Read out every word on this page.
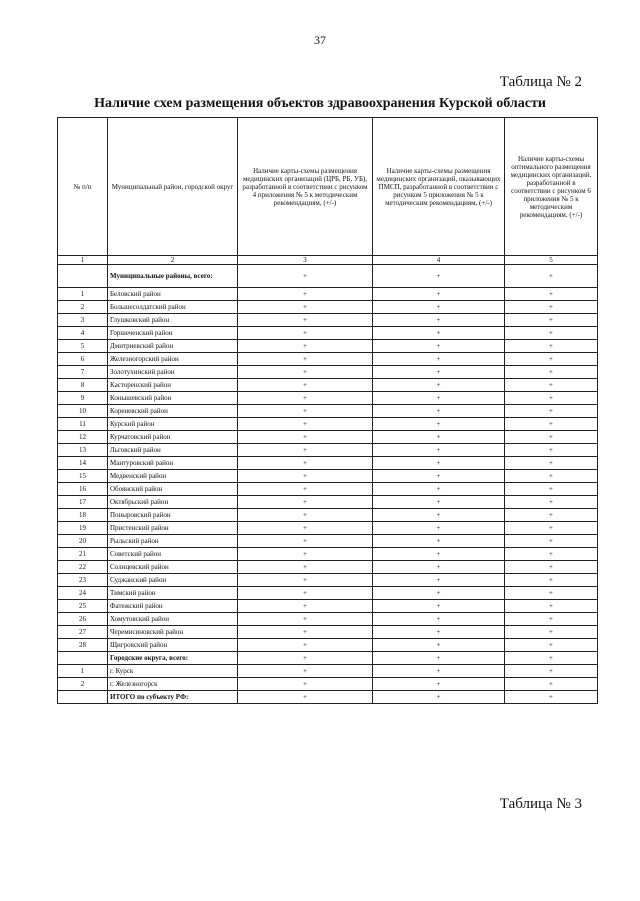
37
Таблица № 2
Наличие схем размещения объектов здравоохранения Курской области
№ п/п	Муниципальный район, городской округ	Наличие карты-схемы размещения медицинских организаций (ЦРБ, РБ, УБ), разработанной в соответствии с рисунком 4 приложения № 5 к методическим рекомендациям, (+/-)	Наличие карты-схемы размещения медицинских организаций, оказывающих ПМСП, разработанной в соответствии с рисунком 5 приложения № 5 к методическим рекомендациям, (+/-)	Наличие карты-схемы оптимального размещения медицинских организаций, разработанной в соответствии с рисунком 6 приложения № 5 к методическим рекомендациям, (+/-)
1	2	3	4	5
	Муниципальные районы, всего:	+	+	+
1	Беловский район	+	+	+
2	Большесолдатский район	+	+	+
3	Глушковский район	+	+	+
4	Горшеченский район	+	+	+
5	Дмитриевский район	+	+	+
6	Железногорский район	+	+	+
7	Золотухинский район	+	+	+
8	Касторенский район	+	+	+
9	Конышевский район	+	+	+
10	Кореневский район	+	+	+
11	Курский район	+	+	+
12	Курчатовский район	+	+	+
13	Льговский район	+	+	+
14	Мантуровский район	+	+	+
15	Медвенский район	+	+	+
16	Обоянский район	+	+	+
17	Октябрьский район	+	+	+
18	Поныровский район	+	+	+
19	Пристенский район	+	+	+
20	Рыльский район	+	+	+
21	Советский район	+	+	+
22	Солнцевский район	+	+	+
23	Суджанский район	+	+	+
24	Тимский район	+	+	+
25	Фатежский район	+	+	+
26	Хомутовский район	+	+	+
27	Черемисиновский район	+	+	+
28	Щигровский район	+	+	+
	Городские округа, всего:	+	+	+
1	г. Курск	+	+	+
2	г. Железногорск	+	+	+
	ИТОГО по субъекту РФ:	+	+	+
Таблица № 3
